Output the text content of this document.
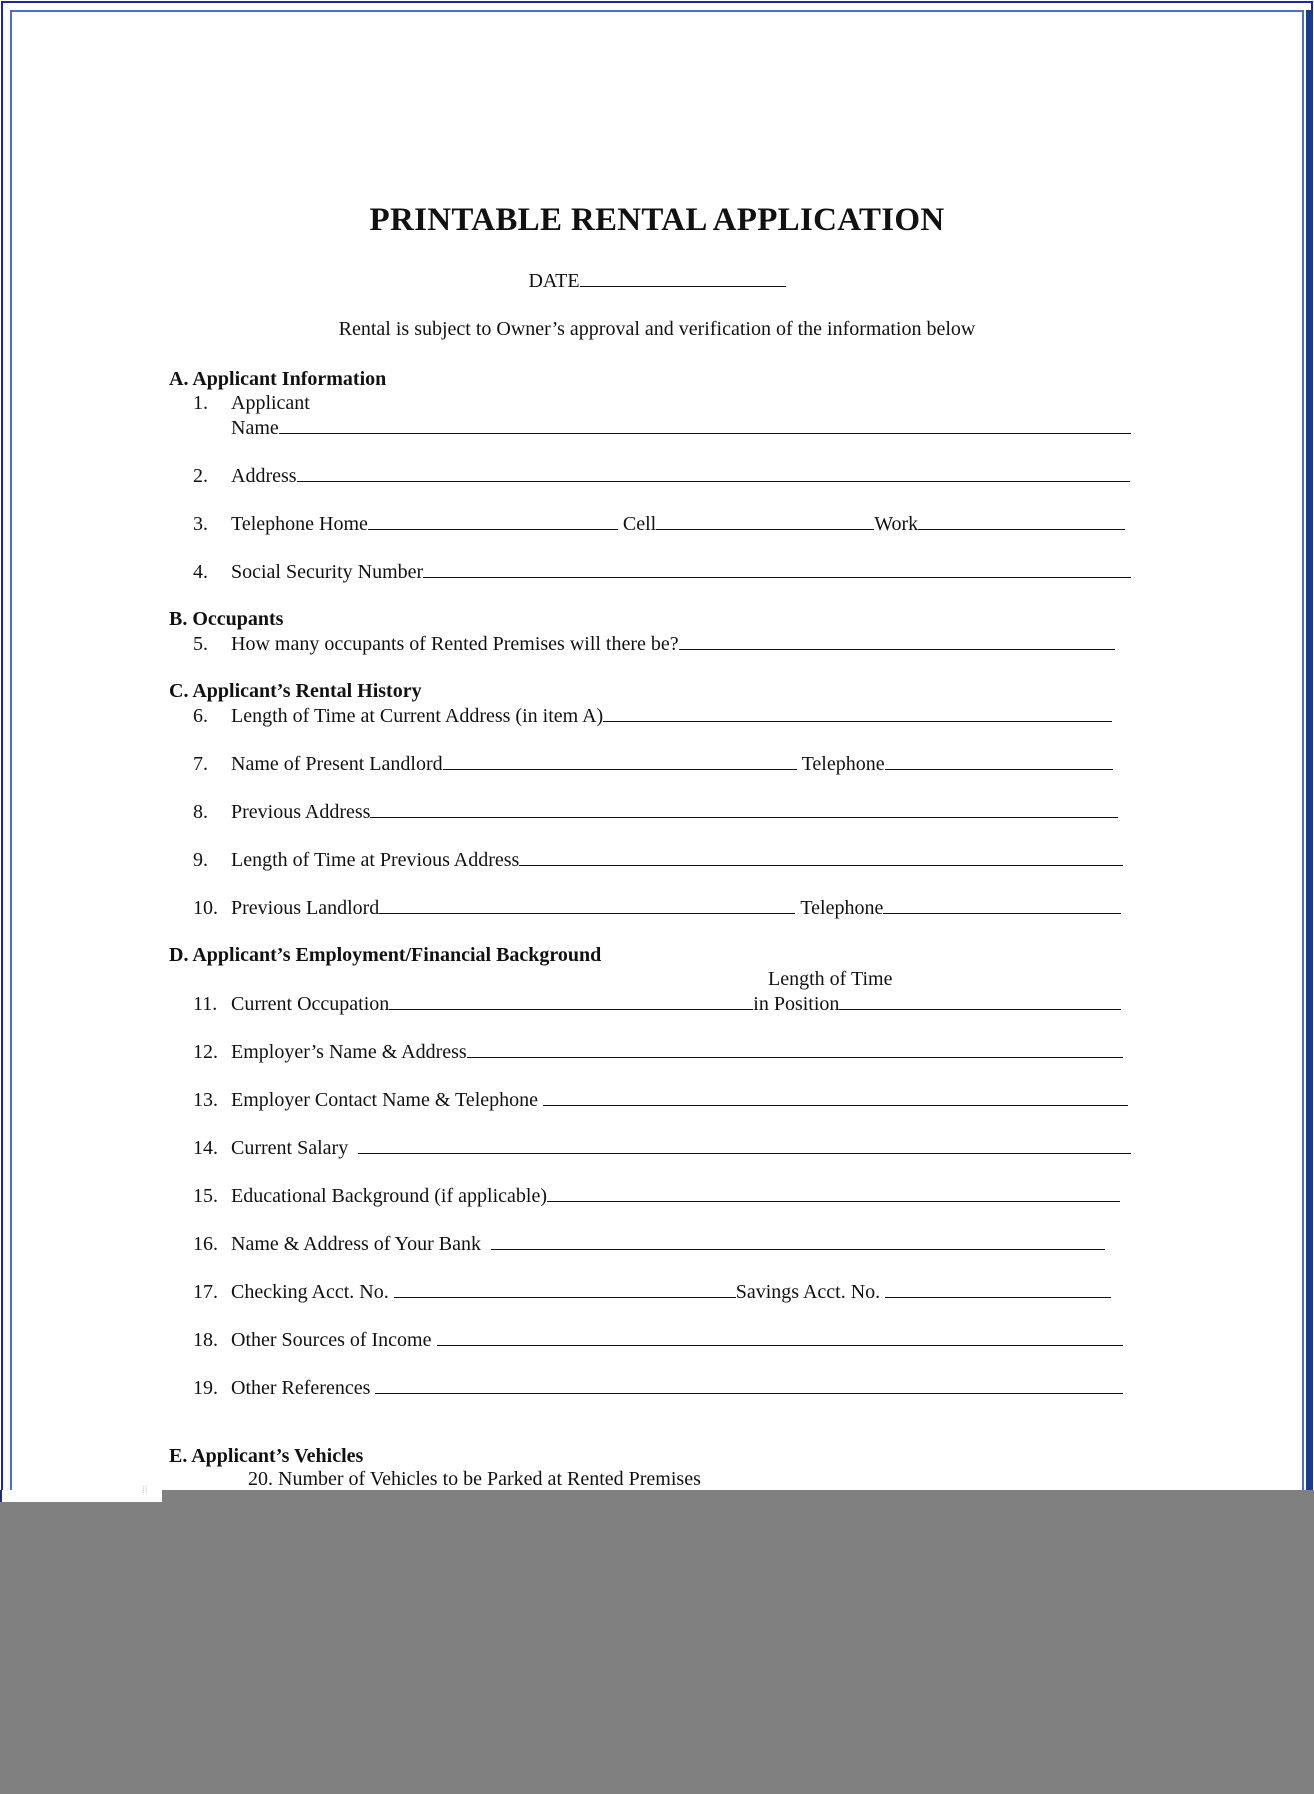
PRINTABLE RENTAL APPLICATION
DATE
Rental is subject to Owner’s approval and verification of the information below
A. Applicant Information
1. Applicant
Name
2. Address
3. Telephone Home	Cell	Work
4. Social Security Number
B. Occupants
5. How many occupants of Rented Premises will there be?
C. Applicant’s Rental History
6. Length of Time at Current Address (in item A)
7. Name of Present Landlord	Telephone
8. Previous Address
9. Length of Time at Previous Address
10. Previous Landlord	Telephone
D. Applicant’s Employment/Financial Background
Length of Time
11. Current Occupation	in Position
12. Employer’s Name & Address
13. Employer Contact Name & Telephone
14. Current Salary
15. Educational Background (if applicable)
16. Name & Address of Your Bank
17. Checking Acct. No.	Savings Acct. No.
18. Other Sources of Income
19. Other References
E. Applicant’s Vehicles
20. Number of Vehicles to be Parked at Rented Premises
⁞⁞
